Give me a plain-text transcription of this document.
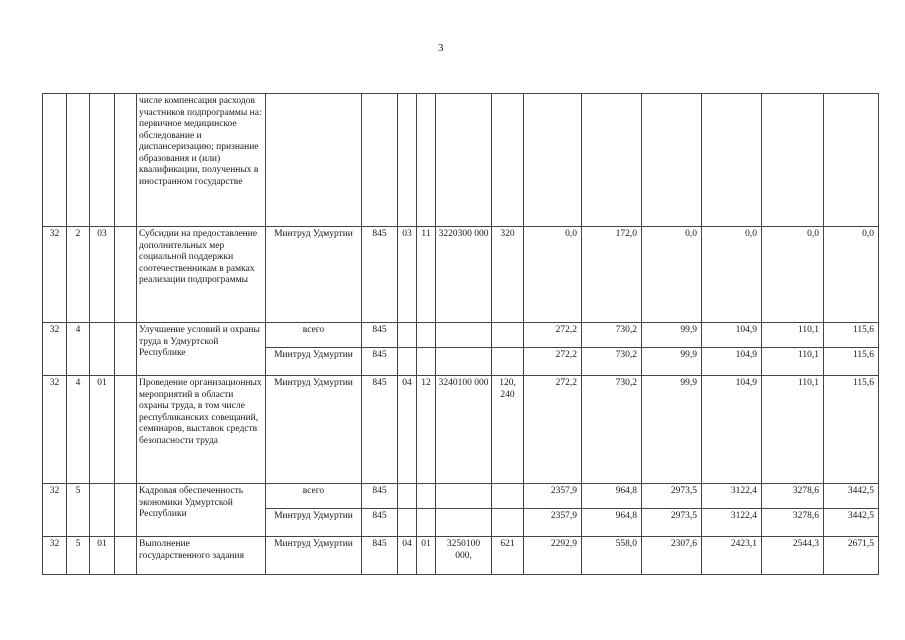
3
				числе компенсация расходов участников подпрограммы на: первичное медицинское обследование и диспансеризацию; признание образования и (или) квалификации, полученных в иностранном государстве												
32	2	03		Субсидии на предоставление дополнительных мер социальной поддержки соотечественникам в рамках реализации подпрограммы	Минтруд Удмуртии	845	03	11	3220300 000	320	0,0	172,0	0,0	0,0	0,0	0,0
32	4			Улучшение условий и охраны труда в Удмуртской Республике	всего	845					272,2	730,2	99,9	104,9	110,1	115,6
					Минтруд Удмуртии	845					272,2	730,2	99,9	104,9	110,1	115,6
32	4	01		Проведение организационных мероприятий в области охраны труда, в том числе республиканских совещаний, семинаров, выставок средств безопасности труда	Минтруд Удмуртии	845	04	12	3240100 000	120, 240	272,2	730,2	99,9	104,9	110,1	115,6
32	5			Кадровая обеспеченность экономики Удмуртской Республики	всего	845					2357,9	964,8	2973,5	3122,4	3278,6	3442,5
					Минтруд Удмуртии	845					2357,9	964,8	2973,5	3122,4	3278,6	3442,5
32	5	01		Выполнение государственного задания	Минтруд Удмуртии	845	04	01	3250100 000,	621	2292,9	558,0	2307,6	2423,1	2544,3	2671,5
